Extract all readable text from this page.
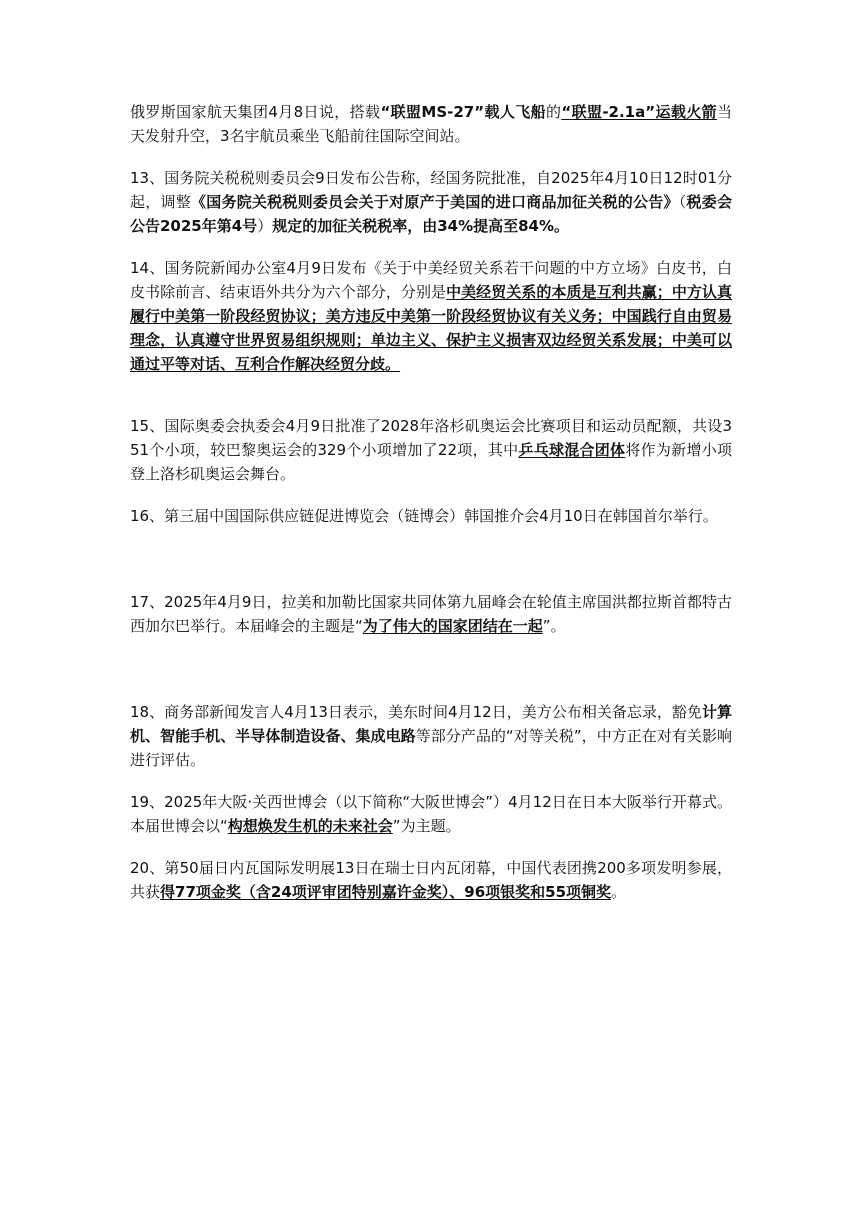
俄罗斯国家航天集团4月8日说，搭载“联盟MS-27”载人飞船的“联盟-2.1a”运载火箭当天发射升空，3名宇航员乘坐飞船前往国际空间站。

13、国务院关税税则委员会9日发布公告称，经国务院批准，自2025年4月10日12时01分起，调整《国务院关税税则委员会关于对原产于美国的进口商品加征关税的公告》（税委会公告2025年第4号）规定的加征关税税率，由34%提高至84%。

14、国务院新闻办公室4月9日发布《关于中美经贸关系若干问题的中方立场》白皮书，白皮书除前言、结束语外共分为六个部分，分别是中美经贸关系的本质是互利共赢；中方认真履行中美第一阶段经贸协议；美方违反中美第一阶段经贸协议有关义务；中国践行自由贸易理念，认真遵守世界贸易组织规则；单边主义、保护主义损害双边经贸关系发展；中美可以通过平等对话、互利合作解决经贸分歧。

15、国际奥委会执委会4月9日批准了2028年洛杉矶奥运会比赛项目和运动员配额，共设351个小项，较巴黎奥运会的329个小项增加了22项，其中乒乓球混合团体将作为新增小项登上洛杉矶奥运会舞台。

16、第三届中国国际供应链促进博览会（链博会）韩国推介会4月10日在韩国首尔举行。

17、2025年4月9日，拉美和加勒比国家共同体第九届峰会在轮值主席国洪都拉斯首都特古西加尔巴举行。本届峰会的主题是“为了伟大的国家团结在一起”。

18、商务部新闻发言人4月13日表示，美东时间4月12日，美方公布相关备忘录，豁免计算机、智能手机、半导体制造设备、集成电路等部分产品的“对等关税”，中方正在对有关影响进行评估。

19、2025年大阪·关西世博会（以下简称“大阪世博会”）4月12日在日本大阪举行开幕式。本届世博会以“构想焕发生机的未来社会”为主题。

20、第50届日内瓦国际发明展13日在瑞士日内瓦闭幕，中国代表团携200多项发明参展，共获得77项金奖（含24项评审团特别嘉许金奖）、96项银奖和55项铜奖。
